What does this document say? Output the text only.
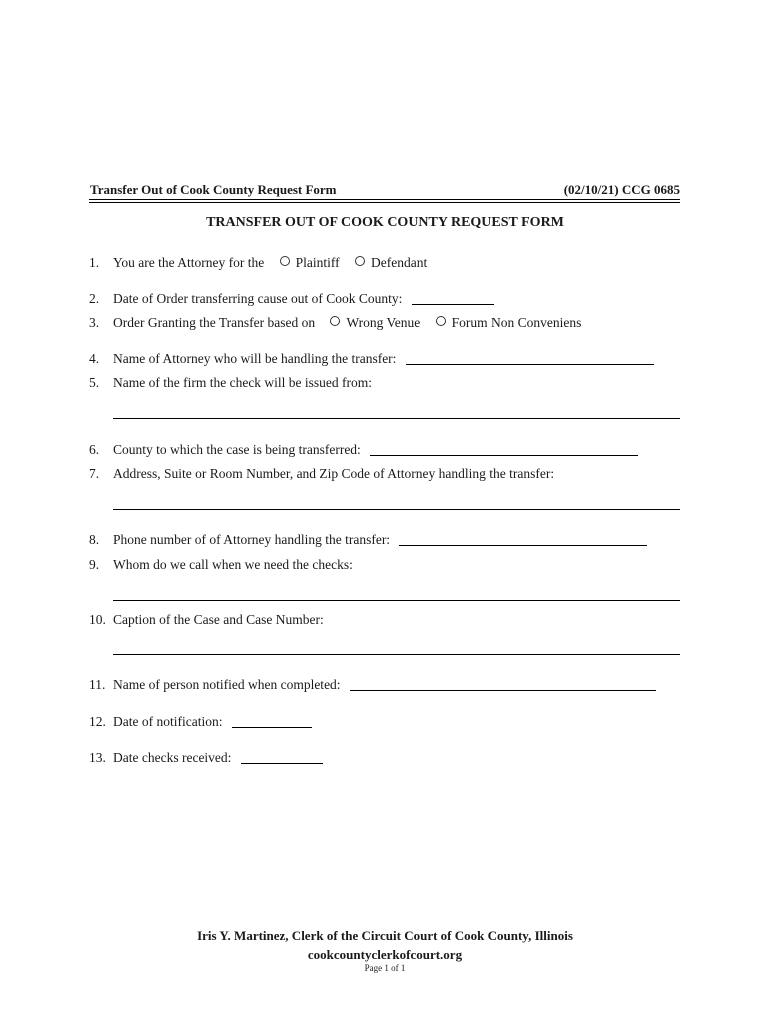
Transfer Out of Cook County Request Form	(02/10/21) CCG 0685
TRANSFER OUT OF COOK COUNTY REQUEST FORM
1. You are the Attorney for the Plaintiff Defendant
2. Date of Order transferring cause out of Cook County:
3. Order Granting the Transfer based on Wrong Venue Forum Non Conveniens
4. Name of Attorney who will be handling the transfer:
5. Name of the firm the check will be issued from:
6. County to which the case is being transferred:
7. Address, Suite or Room Number, and Zip Code of Attorney handling the transfer:
8. Phone number of of Attorney handling the transfer:
9. Whom do we call when we need the checks:
10. Caption of the Case and Case Number:
11. Name of person notified when completed:
12. Date of notification:
13. Date checks received:
Iris Y. Martinez, Clerk of the Circuit Court of Cook County, Illinois
cookcountyclerkofcourt.org
Page 1 of 1
